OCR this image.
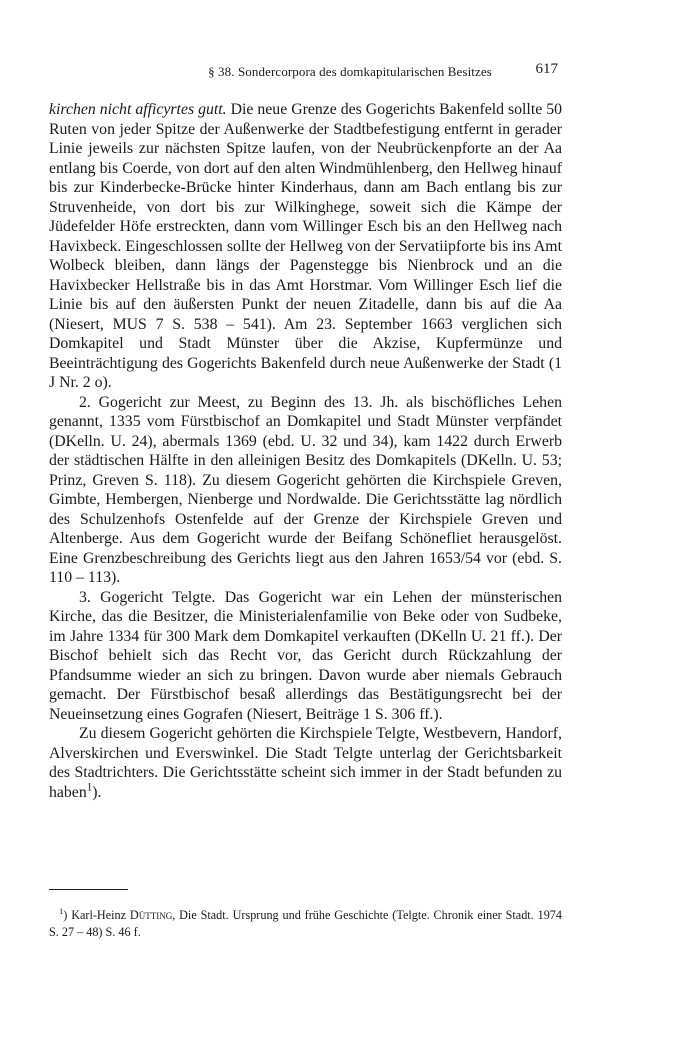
§ 38. Sondercorpora des domkapitularischen Besitzes	617

kirchen nicht afficyrtes gutt. Die neue Grenze des Gogerichts Bakenfeld sollte 50 Ruten von jeder Spitze der Außenwerke der Stadtbefestigung entfernt in gerader Linie jeweils zur nächsten Spitze laufen, von der Neubrückenpforte an der Aa entlang bis Coerde, von dort auf den alten Windmühlenberg, den Hellweg hinauf bis zur Kinderbecke-Brücke hinter Kinderhaus, dann am Bach entlang bis zur Struvenheide, von dort bis zur Wilkinghege, soweit sich die Kämpe der Jüdefelder Höfe erstreckten, dann vom Willinger Esch bis an den Hellweg nach Havixbeck. Eingeschlossen sollte der Hellweg von der Servatiipforte bis ins Amt Wolbeck bleiben, dann längs der Pagenstegge bis Nienbrock und an die Havixbecker Hellstraße bis in das Amt Horstmar. Vom Willinger Esch lief die Linie bis auf den äußersten Punkt der neuen Zitadelle, dann bis auf die Aa (Niesert, MUS 7 S. 538 – 541). Am 23. September 1663 verglichen sich Domkapitel und Stadt Münster über die Akzise, Kupfermünze und Beeinträchtigung des Gogerichts Bakenfeld durch neue Außenwerke der Stadt (1 J Nr. 2 o).

2. Gogericht zur Meest, zu Beginn des 13. Jh. als bischöfliches Lehen genannt, 1335 vom Fürstbischof an Domkapitel und Stadt Münster verpfändet (DKelln. U. 24), abermals 1369 (ebd. U. 32 und 34), kam 1422 durch Erwerb der städtischen Hälfte in den alleinigen Besitz des Domkapitels (DKelln. U. 53; Prinz, Greven S. 118). Zu diesem Gogericht gehörten die Kirchspiele Greven, Gimbte, Hembergen, Nienberge und Nordwalde. Die Gerichtsstätte lag nördlich des Schulzenhofs Ostenfelde auf der Grenze der Kirchspiele Greven und Altenberge. Aus dem Gogericht wurde der Beifang Schönefliet herausgelöst. Eine Grenzbeschreibung des Gerichts liegt aus den Jahren 1653/54 vor (ebd. S. 110 – 113).

3. Gogericht Telgte. Das Gogericht war ein Lehen der münsterischen Kirche, das die Besitzer, die Ministerialenfamilie von Beke oder von Sudbeke, im Jahre 1334 für 300 Mark dem Domkapitel verkauften (DKelln U. 21 ff.). Der Bischof behielt sich das Recht vor, das Gericht durch Rückzahlung der Pfandsumme wieder an sich zu bringen. Davon wurde aber niemals Gebrauch gemacht. Der Fürstbischof besaß allerdings das Bestätigungsrecht bei der Neueinsetzung eines Gografen (Niesert, Beiträge 1 S. 306 ff.).

Zu diesem Gogericht gehörten die Kirchspiele Telgte, Westbevern, Handorf, Alverskirchen und Everswinkel. Die Stadt Telgte unterlag der Gerichtsbarkeit des Stadtrichters. Die Gerichtsstätte scheint sich immer in der Stadt befunden zu haben$^1$).

$^1$) Karl-Heinz Dütting, Die Stadt. Ursprung und frühe Geschichte (Telgte. Chronik einer Stadt. 1974 S. 27 – 48) S. 46 f.
